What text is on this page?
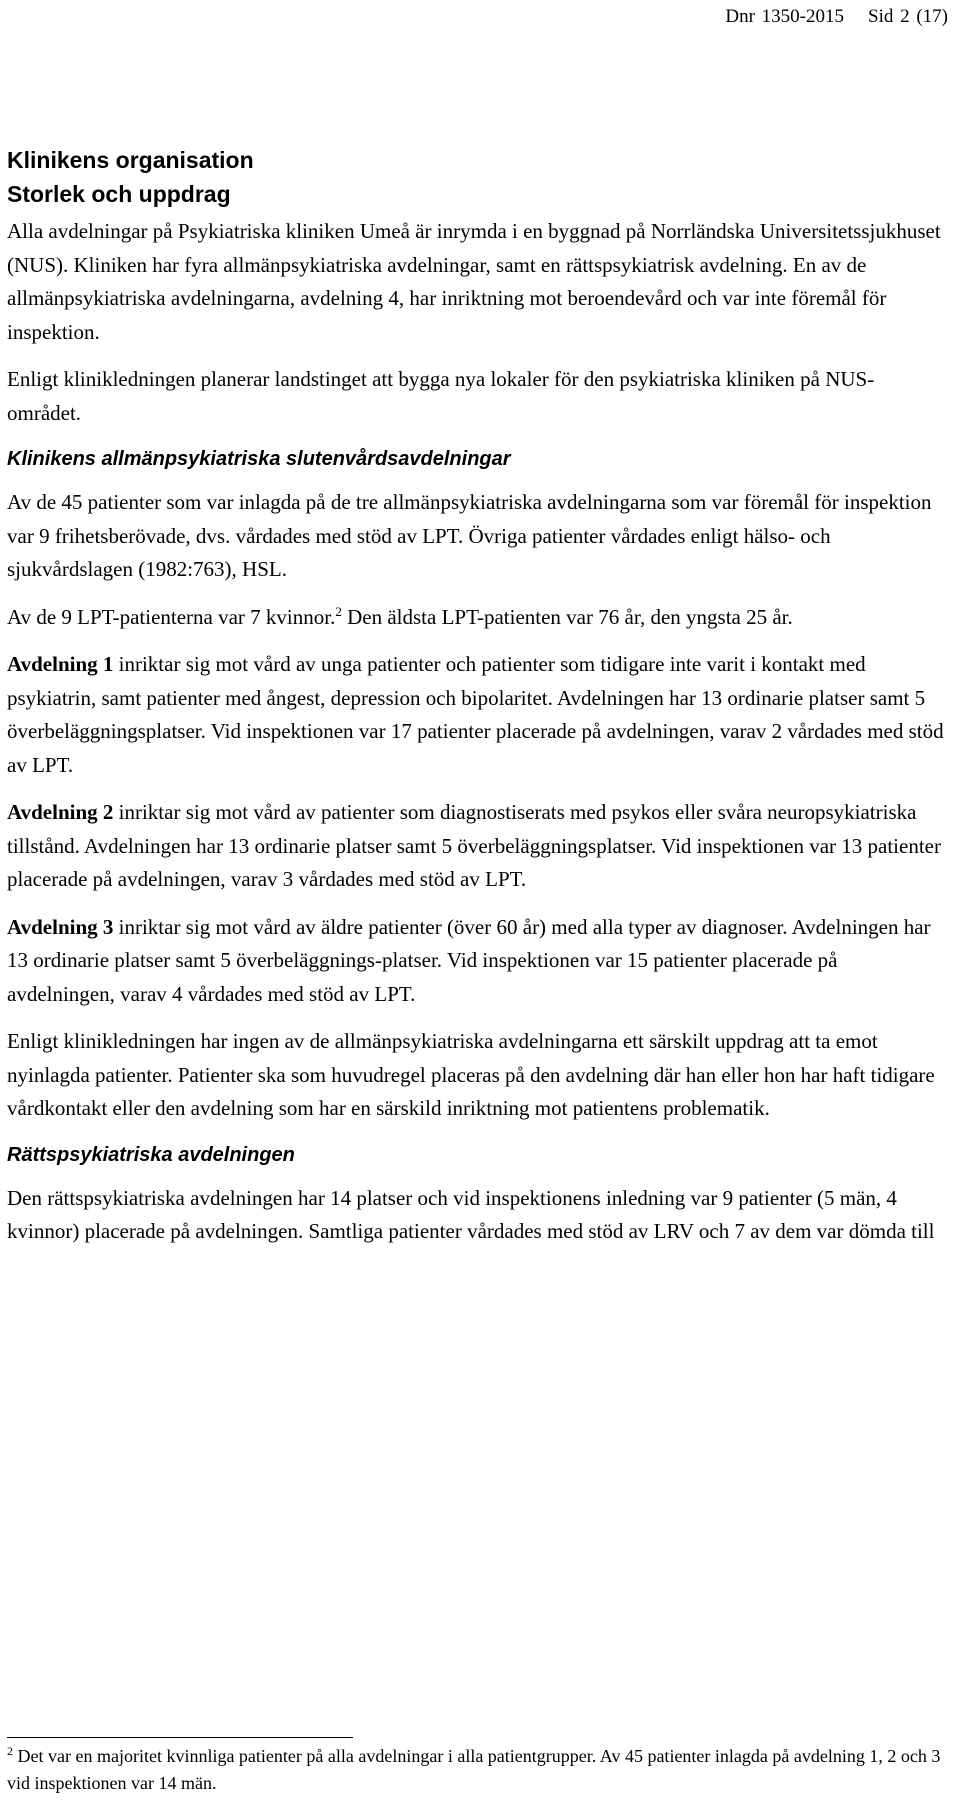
Dnr 1350-2015 Sid 2 (17)
Klinikens organisation
Storlek och uppdrag

Alla avdelningar på Psykiatriska kliniken Umeå är inrymda i en byggnad på Norrländska Universitetssjukhuset (NUS). Kliniken har fyra allmänpsykiatriska avdelningar, samt en rättspsykiatrisk avdelning. En av de allmänpsykiatriska avdelningarna, avdelning 4, har inriktning mot beroendevård och var inte föremål för inspektion.

Enligt klinikledningen planerar landstinget att bygga nya lokaler för den psykiatriska kliniken på NUS-området.

Klinikens allmänpsykiatriska slutenvårdsavdelningar

Av de 45 patienter som var inlagda på de tre allmänpsykiatriska avdelningarna som var föremål för inspektion var 9 frihetsberövade, dvs. vårdades med stöd av LPT. Övriga patienter vårdades enligt hälso- och sjukvårdslagen (1982:763), HSL.

Av de 9 LPT-patienterna var 7 kvinnor.$^2$ Den äldsta LPT-patienten var 76 år, den yngsta 25 år.

Avdelning 1 inriktar sig mot vård av unga patienter och patienter som tidigare inte varit i kontakt med psykiatrin, samt patienter med ångest, depression och bipolaritet. Avdelningen har 13 ordinarie platser samt 5 överbeläggningsplatser. Vid inspektionen var 17 patienter placerade på avdelningen, varav 2 vårdades med stöd av LPT.

Avdelning 2 inriktar sig mot vård av patienter som diagnostiserats med psykos eller svåra neuropsykiatriska tillstånd. Avdelningen har 13 ordinarie platser samt 5 överbeläggningsplatser. Vid inspektionen var 13 patienter placerade på avdelningen, varav 3 vårdades med stöd av LPT.

Avdelning 3 inriktar sig mot vård av äldre patienter (över 60 år) med alla typer av diagnoser. Avdelningen har 13 ordinarie platser samt 5 överbeläggnings-platser. Vid inspektionen var 15 patienter placerade på avdelningen, varav 4 vårdades med stöd av LPT.

Enligt klinikledningen har ingen av de allmänpsykiatriska avdelningarna ett särskilt uppdrag att ta emot nyinlagda patienter. Patienter ska som huvudregel placeras på den avdelning där han eller hon har haft tidigare vårdkontakt eller den avdelning som har en särskild inriktning mot patientens problematik.

Rättspsykiatriska avdelningen

Den rättspsykiatriska avdelningen har 14 platser och vid inspektionens inledning var 9 patienter (5 män, 4 kvinnor) placerade på avdelningen. Samtliga patienter vårdades med stöd av LRV och 7 av dem var dömda till

$^2$ Det var en majoritet kvinnliga patienter på alla avdelningar i alla patientgrupper. Av 45 patienter inlagda på avdelning 1, 2 och 3 vid inspektionen var 14 män.
